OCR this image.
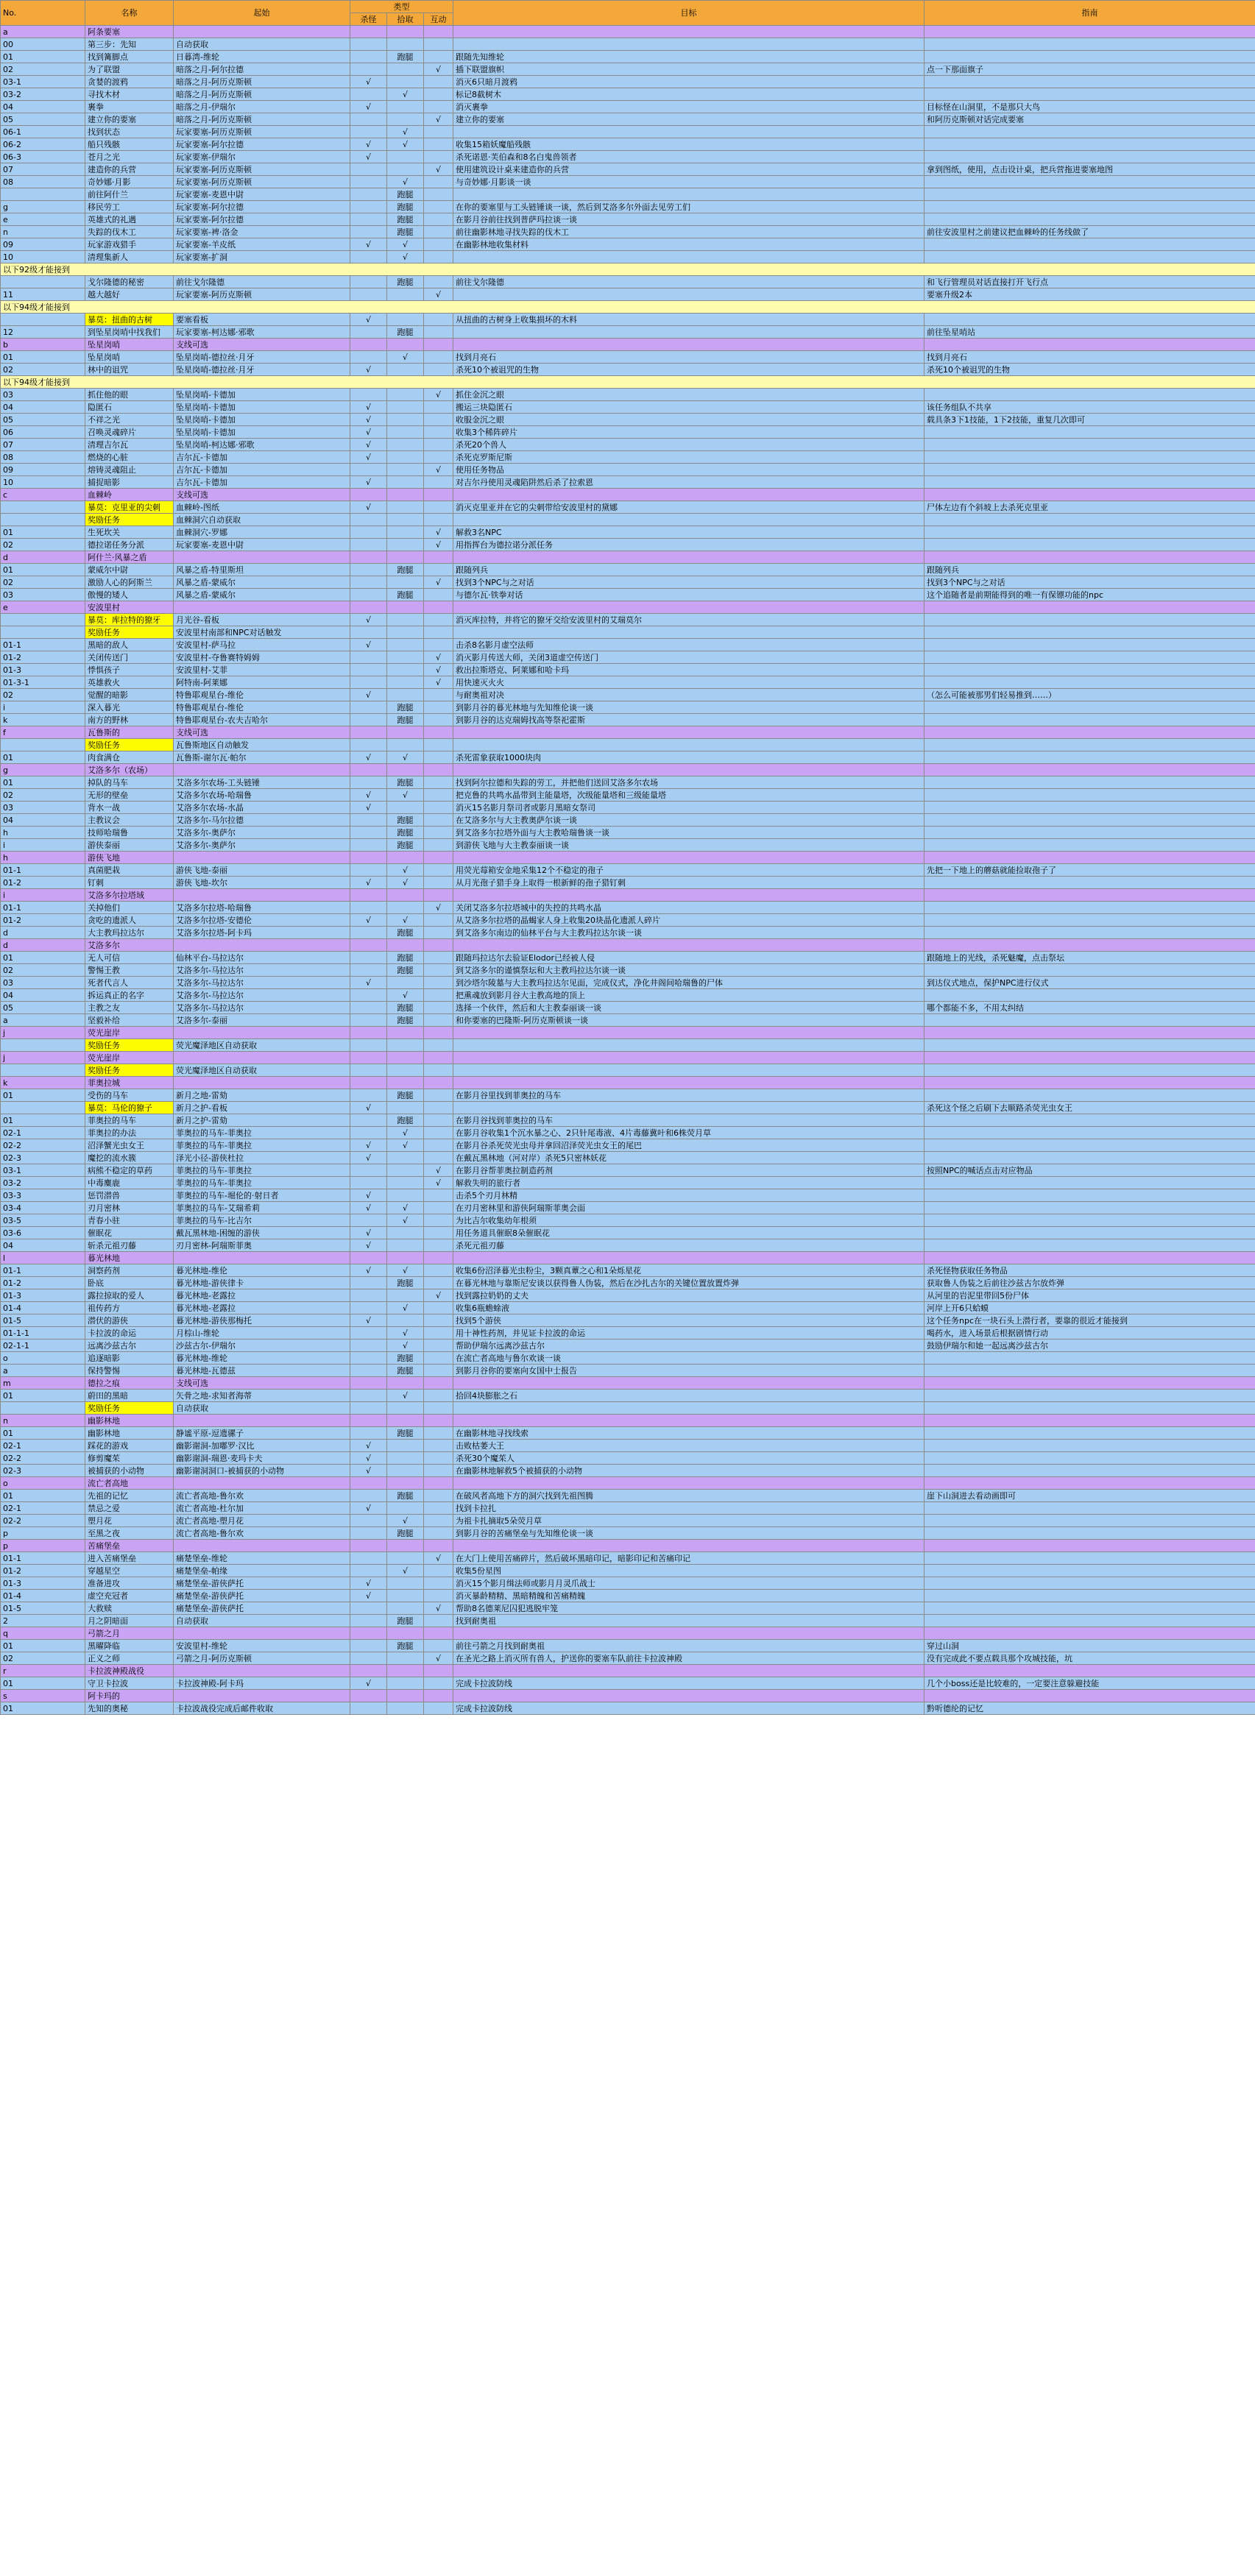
No.	名称	起始	类型			目标	指南
			杀怪	拾取	互动		
a	阿条要塞						
00	第三步：先知	自动获取					
01	找到篝脚点	日暮湾-维轮		跑腿		跟随先知维轮	
02	为了联盟	暗落之月-阿尔拉德			√	插下联盟旗帜	点一下那面旗子
03-1	贪婪的渡鸦	暗落之月-阿历克斯顿	√			消灭6只暗月渡鸦	
03-2	寻找木材	暗落之月-阿历克斯顿		√		标记8截树木	
04	裹拳	暗落之月-伊瑞尔	√			消灭裹拳	目标怪在山洞里，不是那只大鸟
05	建立你的要塞	暗落之月-阿历克斯顿			√	建立你的要塞	和阿历克斯顿对话完成要塞
06-1	找到状态	玩家要塞-阿历克斯顿		√			
06-2	船只残骸	玩家要塞-阿尔拉德	√	√		收集15箱妖魔船残骸	
06-3	苍月之光	玩家要塞-伊瑞尔	√			杀死诺恩·芙伯森和8名白鬼兽领者	
07	建造你的兵营	玩家要塞-阿历克斯顿			√	使用建筑设计桌来建造你的兵营	拿到图纸，使用，点击设计桌，把兵营拖进要塞地图
08	奇妙娜·月影	玩家要塞-阿历克斯顿		√		与奇妙娜·月影谈一谈	
	前往阿什兰	玩家要塞-麦恩中尉		跑腿			
g	移民劳工	玩家要塞-阿尔拉德		跑腿		在你的要塞里与工头链锤谈一谈，然后到艾洛多尔外面去见劳工们	
e	英雄式的礼遇	玩家要塞-阿尔拉德		跑腿		在影月谷前往找到普萨玛拉谈一谈	
n	失踪的伐木工	玩家要塞-裨·洛金		跑腿		前往幽影林地寻找失踪的伐木工	前往安波里村之前建议把血棘岭的任务线做了
09	玩家游戏猎手	玩家要塞-羊皮纸	√	√		在幽影林地收集材料	
10	清理集新人	玩家要塞-扩洞		√			
以下92级才能接到							
	戈尔隆德的秘密	前往戈尔隆德		跑腿		前往戈尔隆德	和飞行管理员对话直接打开飞行点
11	越大越好	玩家要塞-阿历克斯顿			√		要塞升级2本
以下94级才能接到							
	暴莫：扭曲的古树	要塞看板	√			从扭曲的古树身上收集损坏的木料	
12	到坠星岗哨中找我们	玩家要塞-柯达娜·邪歌		跑腿			前往坠星哨站
b	坠星岗哨	支线可选					
01	坠星岗哨	坠星岗哨-德拉丝·月牙		√		找到月亮石	找到月亮石
02	林中的诅咒	坠星岗哨-德拉丝·月牙	√			杀死10个被诅咒的生物	杀死10个被诅咒的生物
以下94级才能接到							
03	抓住他的眼	坠星岗哨-卡德加			√	抓住金沉之眼	
04	隐匿石	坠星岗哨-卡德加	√			搬运三块隐匿石	该任务组队不共享
05	不祥之光	坠星岗哨-卡德加	√			收服金沉之眼	载具条3下1技能，1下2技能，重复几次即可
06	召唤灵魂碎片	坠星岗哨-卡德加	√			收集3个稀阵碎片	
07	清理吉尔瓦	坠星岗哨-柯达娜·邪歌	√			杀死20个兽人	
08	燃烧的心脏	吉尔瓦-卡德加	√			杀死克罗斯尼斯	
09	熔铸灵魂阻止	吉尔瓦-卡德加			√	使用任务物品	
10	捕捉暗影	吉尔瓦-卡德加	√			对吉尔丹使用灵魂陷阱然后杀了拉索恩	
c	血棘岭	支线可选					
	暴莫：克里亚的尖刺	血棘岭-图纸	√			消灭克里亚并在它的尖刺带给安波里村的黛娜	尸体左边有个斜坡上去杀死克里亚
	奖励任务	血棘洞穴自动获取					
01	生死坎关	血棘洞穴-罗娜			√	解救3名NPC	
02	德拉诺任务分派	玩家要塞-麦恩中尉			√	用指挥台为德拉诺分派任务	
d	阿什兰·风暴之盾						
01	蒙威尔中尉	风暴之盾-特里斯坦		跑腿		跟随列兵	跟随列兵
02	激励人心的阿斯兰	风暴之盾-蒙威尔			√	找到3个NPC与之对话	找到3个NPC与之对话
03	傲慢的矮人	风暴之盾-蒙威尔		跑腿		与德尔瓦·铁拳对话	这个追随者是前期能得到的唯一有保镖功能的npc
e	安波里村						
	暴莫：库拉特的獠牙	月光谷-看板	√			消灭库拉特，并将它的獠牙交给安波里村的艾瑞莫尔	
	奖励任务	安波里村南部和NPC对话触发					
01-1	黑暗的敌人	安波里村-萨马拉	√			击杀8名影月虚空法师	
01-2	关闭传送门	安波里村-夺鲁赛特姆姆			√	消灭影月传送大师，关闭3道虚空传送门	
01-3	悸惧孩子	安波里村-艾菲			√	救出拉斯塔克、阿莱娜和哈卡玛	
01-3-1	英雄救火	阿特南-阿莱娜			√	用快速灭火火	
02	觉醒的暗影	特鲁耶观星台-维伦	√			与耐奥祖对决	（怎么可能被那男们轻易推到……）
i	深入暮光	特鲁耶观星台-维伦		跑腿		到影月谷的暮光林地与先知维伦谈一谈	
k	南方的野林	特鲁耶观星台-农夫吉哈尔		跑腿		到影月谷的达克瑞姆找高等祭祀霍斯	
f	瓦鲁斯的	支线可选					
	奖励任务	瓦鲁斯地区自动触发					
01	肉食满仓	瓦鲁斯-谢尔瓦·帕尔	√	√		杀死雷象获取1000块肉	
g	艾洛多尔（农场）						
01	掉队的马车	艾洛多尔农场-工头链锤		跑腿		找到阿尔拉德和失踪的劳工，并把他们送回艾洛多尔农场	
02	无形的壁垒	艾洛多尔农场-哈瑞鲁	√	√		把克鲁的共鸣水晶带到主能量塔，次级能量塔和三级能量塔	
03	背水一战	艾洛多尔农场-水晶	√			消灭15名影月祭司者或影月黑暗女祭司	
04	主教议会	艾洛多尔-马尔拉德		跑腿		在艾洛多尔与大主教奥萨尔谈一谈	
h	技师哈瑞鲁	艾洛多尔-奥萨尔		跑腿		到艾洛多尔拉塔外面与大主教哈瑞鲁谈一谈	
i	游侠泰丽	艾洛多尔-奥萨尔		跑腿		到游侠飞地与大主教泰丽谈一谈	
h	游侠飞地						
01-1	真菌肥栽	游侠飞地-泰丽		√		用荧光莓箱安金地采集12个不稳定的孢子	先把一下地上的蘑菇就能捡取孢子了
01-2	钉刺	游侠飞地-坎尔	√	√		从月光孢子猎手身上取得一根新鲜的孢子猎钉刺	
i	艾洛多尔拉塔域						
01-1	关掉他们	艾洛多尔拉塔-哈瑞鲁			√	关闭艾洛多尔拉塔城中的失控的共鸣水晶	
01-2	贪吃的遗派人	艾洛多尔拉塔-安德伦	√	√		从艾洛多尔拉塔的晶蝎家人身上收集20块晶化遗派人碎片	
d	大主教玛拉达尔	艾洛多尔拉塔-阿卡玛		跑腿		到艾洛多尔南边的仙林平台与大主教玛拉达尔谈一谈	
d	艾洛多尔						
01	无人可信	仙林平台-马拉达尔		跑腿		跟随玛拉达尔去验证Elodor已经被人侵	跟随地上的光线，杀死魅魔，点击祭坛
02	警惕王教	艾洛多尔-马拉达尔		跑腿		到艾洛多尔的谨慎祭坛和大主教玛拉达尔谈一谈	
03	死者代言人	艾洛多尔-马拉达尔	√			到沙塔尔陵墓与大主教玛拉达尔见面，完成仪式，净化井阁间哈瑞鲁的尸体	到达仪式地点，保护NPC进行仪式
04	拆运真正的名字	艾洛多尔-马拉达尔		√		把熏魂放到影月谷大主教高地的顶上	
05	主教之友	艾洛多尔-马拉达尔		跑腿		选择一个伙伴，然后和大主教泰丽谈一谈	哪个都能不多，不用太纠结
a	坚毅补给	艾洛多尔-泰丽		跑腿		和你要塞的巴隆斯-阿历克斯顿谈一谈	
j	荧光崖岸						
	奖励任务	荧光魔泽地区自动获取					
j	荧光崖岸						
	奖励任务	荧光魔泽地区自动获取					
k	菲奥拉城						
01	受伤的马车	新月之地-雷劾		跑腿		在影月谷里找到菲奥拉的马车	
	暴莫：马伦的獠子	新月之护-看板	√				杀死这个怪之后刷下去顺路杀荧光虫女王
01	菲奥拉的马车	新月之护-雷劾		跑腿		在影月谷找到菲奥拉的马车	
02-1	菲奥拉的办法	菲奥拉的马车-菲奥拉		√		在影月谷收集1个沉水暴之心、2只针尾毒液、4片毒藤冀叶和6株荧月草	
02-2	沼泽蟹光虫女王	菲奥拉的马车-菲奥拉	√	√		在影月谷杀死荧光虫母并拿回沼泽荧光虫女王的尾巴	
02-3	魔挖的流水簇	泽光小径-游侠杜拉	√			在戴瓦黑林地（河对岸）杀死5只密林妖花	
03-1	病熊不稳定的草药	菲奥拉的马车-菲奥拉			√	在影月谷帮菲奥拉制造药剂	按照NPC的喊话点击对应物品
03-2	中毒麋鹿	菲奥拉的马车-菲奥拉			√	解救失明的旅行者	
03-3	惩罚潜兽	菲奥拉的马车-堀伦的·射日者	√			击杀5个刃月林精	
03-4	刃月密林	菲奥拉的马车-艾瑞希莉	√	√		在刃月密林里和游侠阿瑞斯菲奥会面	
03-5	青春小驻	菲奥拉的马车-比吉尔		√		为比吉尔收集幼年根须	
03-6	催眠花	戴瓦黑林地-困缠的游侠	√			用任务道具催眠8朵催眠花	
04	斩杀元祖刃藤	刃月密林-阿瑞斯菲奥	√			杀死元祖刃藤	
l	暮光林地						
01-1	洞察药剂	暮光林地-维伦	√	√		收集6份沼泽暮光虫粉尘，3颗真蕈之心和1朵烁星花	杀死怪物获取任务物品
01-2	卧底	暮光林地-游侠律卡		跑腿		在暮光林地与靠斯尼安谈以获得鲁人伪装，然后在沙扎古尔的关键位置放置炸弹	获取鲁人伪装之后前往沙兹古尔放炸弹
01-3	露拉掠取的爱人	暮光林地-老露拉			√	找到露拉奶奶的丈夫	从河里的岩泥里带回5份尸体
01-4	祖传药方	暮光林地-老露拉		√		收集6瓶蟾蜍液	河岸上开6只蛤蟆
01-5	潜伏的游侠	暮光林地-游侠那梅托	√			找到5个游侠	这个任务npc在一块石头上潜行者，要靠的很近才能接到
01-1-1	卡拉波的命运	月棕山-维轮		√		用十神性药剂，并见证卡拉波的命运	喝药水，进入场景后根据剧情行动
02-1-1	远离沙兹古尔	沙兹古尔-伊瑞尔		√		帮助伊瑞尔远离沙兹古尔	鼓励伊瑞尔和她一起远离沙兹古尔
o	追逐暗影	暮光林地-维轮		跑腿		在流亡者高地与鲁尔欢谈一谈	
a	保持警惕	暮光林地-瓦德兹		跑腿		到影月谷你的要塞向女国中士报告	
m	德拉之痕	支线可选					
01	蔚田的黑暗	矢骨之地-求知者海蒂		√		拾回4块膨胀之石	
	奖励任务	自动获取					
n	幽影林地						
01	幽影林地	静谧平原-逗遗骡子		跑腿		在幽影林地寻找线索	
02-1	踩花的游戏	幽影谢洞-加嘟罗·汉比	√			击败枯萎大王	
02-2	修剪魔茱	幽影谢洞-瑞恩·麦玛卡夫	√			杀死30个魔茱人	
02-3	被捕获的小动物	幽影谢洞洞口-被捕获的小动物	√			在幽影林地解救5个被捕获的小动物	
o	流亡者高地						
01	先祖的记忆	流亡者高地-鲁尔欢		跑腿		在破风者高地下方的洞穴找到先祖图腾	崖下山洞进去看动画即可
02-1	禁忌之爱	流亡者高地-杜尔加	√			找到卡拉扎	
02-2	塑月花	流亡者高地-塑月花		√		为祖卡扎摘取5朵荧月草	
p	至黑之夜	流亡者高地-鲁尔欢		跑腿		到影月谷的苦痛堡垒与先知维伦谈一谈	
p	苦痛堡垒						
01-1	进入苦痛堡垒	痛楚堡垒-维轮			√	在大门上使用苦痛碎片，然后破坏黑暗印记，暗影印记和苦痛印记	
01-2	穿越星空	痛楚堡垒-帕缘		√		收集5份星图	
01-3	准备进攻	痛楚堡垒-游侠萨托	√			消灭15个影月缉法师或影月月灵爪战士	
01-4	虚空充冠者	痛楚堡垒-游侠萨托	√			消灭暴龄精精、黑暗精魄和苦痛精魄	
01-5	大救赎	痛楚堡垒-游侠萨托			√	帮助8名德莱尼囚犯逃脱牢笼	
2	月之阴暗面	自动获取		跑腿		找到耐奥祖	
q	弓箭之月						
01	黑曜降临	安波里村-维轮		跑腿		前往弓箭之月找到耐奥祖	穿过山洞
02	正义之师	弓箭之月-阿历克斯顿			√	在圣光之路上消灭所有兽人，护送你的要塞车队前往卡拉波神殿	没有完成此不要点载具那个攻城技能，坑
r	卡拉波神殿战役						
01	守卫卡拉波	卡拉波神殿-阿卡玛	√			完成卡拉波防线	几个小boss还是比较难的，一定要注意躲避技能
s	阿卡玛的						
01	先知的奥秘	卡拉波战役完成后邮件收取				完成卡拉波防线	黔听德纶的记忆
